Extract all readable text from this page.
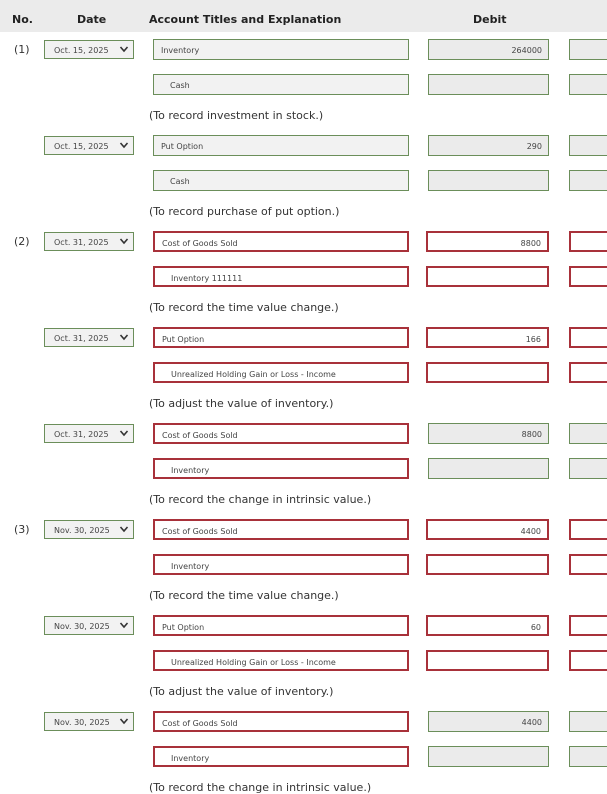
No.	Date	Account Titles and Explanation	Debit
(1)	Oct. 15, 2025	Inventory	264000
Cash
(To record investment in stock.)
Oct. 15, 2025	Put Option	290
Cash
(To record purchase of put option.)
(2)	Oct. 31, 2025	Cost of Goods Sold	8800
Inventory 111111
(To record the time value change.)
Oct. 31, 2025	Put Option	166
Unrealized Holding Gain or Loss - Income
(To adjust the value of inventory.)
Oct. 31, 2025	Cost of Goods Sold	8800
Inventory
(To record the change in intrinsic value.)
(3)	Nov. 30, 2025	Cost of Goods Sold	4400
Inventory
(To record the time value change.)
Nov. 30, 2025	Put Option	60
Unrealized Holding Gain or Loss - Income
(To adjust the value of inventory.)
Nov. 30, 2025	Cost of Goods Sold	4400
Inventory
(To record the change in intrinsic value.)
